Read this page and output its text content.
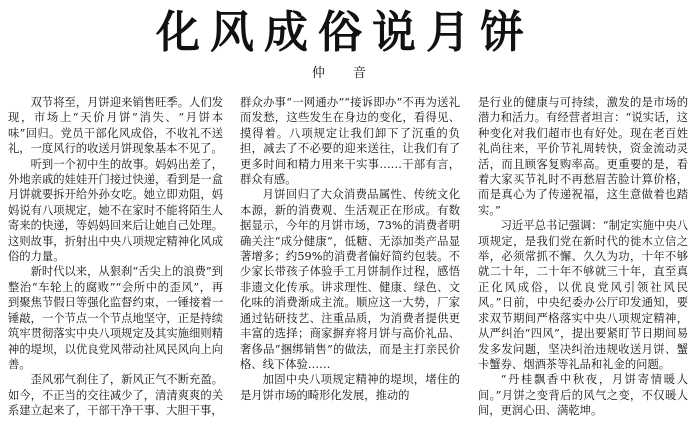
化风成俗说月饼
仲 音

双节将至，月饼迎来销售旺季。人们发现，市场上“天价月饼”消失、“月饼本味”回归。党员干部化风成俗，不收礼不送礼，一度风行的收送月饼现象基本不见了。

听到一个初中生的故事。妈妈出差了，外地亲戚的娃娃开门接过快递，看到是一盒月饼就要拆开给外孙女吃。她立即劝阻，妈妈说有八项规定，她不在家时不能将陌生人寄来的快递，等妈妈回来后让她自己处理。这则故事，折射出中央八项规定精神化风成俗的力量。

新时代以来，从狠刹“舌尖上的浪费”到整治“车轮上的腐败”“会所中的歪风”，再到聚焦节假日等强化监督约束，一锤接着一锤敲，一个节点一个节点地坚守，正是持续筑牢贯彻落实中央八项规定及其实施细则精神的堤坝，以优良党风带动社风民风向上向善。

歪风邪气刹住了，新风正气不断充盈。如今，不正当的交往减少了，清清爽爽的关系建立起来了，干部干净干事、大胆干事，

群众办事“一网通办”“接诉即办”不再为送礼而发愁，这些发生在身边的变化，看得见、摸得着。八项规定让我们卸下了沉重的负担，减去了不必要的迎来送往，让我们有了更多时间和精力用来干实事……干部有言，群众有感。

月饼回归了大众消费品属性、传统文化本源，新的消费观、生活观正在形成。有数据显示，今年的月饼市场，73%的消费者明确关注“成分健康”，低糖、无添加类产品显著增多；约59%的消费者偏好简约包装。不少家长带孩子体验手工月饼制作过程，感悟非遗文化传承。讲求理性、健康、绿色、文化味的消费渐成主流。顺应这一大势，厂家通过钻研技艺、注重品质，为消费者提供更丰富的选择；商家摒弃将月饼与高价礼品、奢侈品“捆绑销售”的做法，而是主打亲民价格、线下体验……

加固中央八项规定精神的堤坝，堵住的是月饼市场的畸形化发展，推动的

是行业的健康与可持续，激发的是市场的潜力和活力。有经营者坦言：“说实话，这种变化对我们超市也有好处。现在老百姓礼尚往来，平价节礼周转快，资金流动灵活，而且顾客复购率高。更重要的是，看着大家买节礼时不再愁眉苦脸计算价格，而是真心为了传递祝福，这生意做着也踏实。”

习近平总书记强调：“制定实施中央八项规定，是我们党在新时代的徙木立信之举，必须常抓不懈、久久为功，十年不够就二十年，二十年不够就三十年，直至真正化风成俗，以优良党风引领社风民风。”日前，中央纪委办公厅印发通知，要求双节期间严格落实中央八项规定精神，从严纠治“四风”，提出要紧盯节日期间易发多发问题，坚决纠治违规收送月饼、蟹卡蟹券、烟酒茶等礼品和礼金的问题。

“丹桂飘香中秋夜，月饼寄情暖人间。”月饼之变背后的风气之变，不仅暖人间，更润心田、满乾坤。
